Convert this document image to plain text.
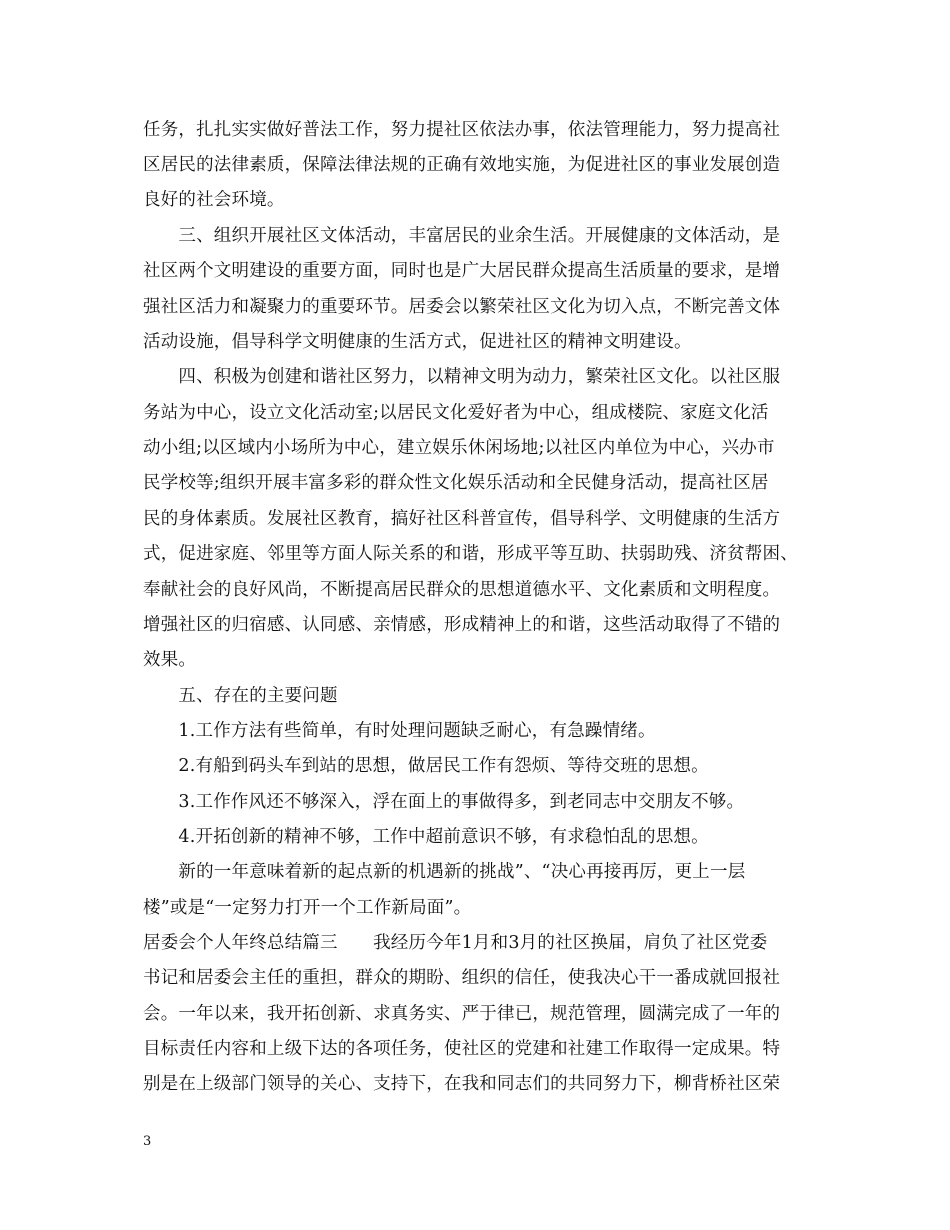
任务，扎扎实实做好普法工作，努力提社区依法办事，依法管理能力，努力提高社
区居民的法律素质，保障法律法规的正确有效地实施，为促进社区的事业发展创造
良好的社会环境。
　　三、组织开展社区文体活动，丰富居民的业余生活。开展健康的文体活动，是
社区两个文明建设的重要方面，同时也是广大居民群众提高生活质量的要求，是增
强社区活力和凝聚力的重要环节。居委会以繁荣社区文化为切入点，不断完善文体
活动设施，倡导科学文明健康的生活方式，促进社区的精神文明建设。
　　四、积极为创建和谐社区努力，以精神文明为动力，繁荣社区文化。以社区服
务站为中心，设立文化活动室;以居民文化爱好者为中心，组成楼院、家庭文化活
动小组;以区域内小场所为中心，建立娱乐休闲场地;以社区内单位为中心，兴办市
民学校等;组织开展丰富多彩的群众性文化娱乐活动和全民健身活动，提高社区居
民的身体素质。发展社区教育，搞好社区科普宣传，倡导科学、文明健康的生活方
式，促进家庭、邻里等方面人际关系的和谐，形成平等互助、扶弱助残、济贫帮困、
奉献社会的良好风尚，不断提高居民群众的思想道德水平、文化素质和文明程度。
增强社区的归宿感、认同感、亲情感，形成精神上的和谐，这些活动取得了不错的
效果。
　　五、存在的主要问题
　　1.工作方法有些简单，有时处理问题缺乏耐心，有急躁情绪。
　　2.有船到码头车到站的思想，做居民工作有怨烦、等待交班的思想。
　　3.工作作风还不够深入，浮在面上的事做得多，到老同志中交朋友不够。
　　4.开拓创新的精神不够，工作中超前意识不够，有求稳怕乱的思想。
　　新的一年意味着新的起点新的机遇新的挑战”、“决心再接再厉，更上一层
楼”或是“一定努力打开一个工作新局面”。
居委会个人年终总结篇三　　我经历今年1月和3月的社区换届，肩负了社区党委
书记和居委会主任的重担，群众的期盼、组织的信任，使我决心干一番成就回报社
会。一年以来，我开拓创新、求真务实、严于律已，规范管理，圆满完成了一年的
目标责任内容和上级下达的各项任务，使社区的党建和社建工作取得一定成果。特
别是在上级部门领导的关心、支持下，在我和同志们的共同努力下，柳背桥社区荣
3
